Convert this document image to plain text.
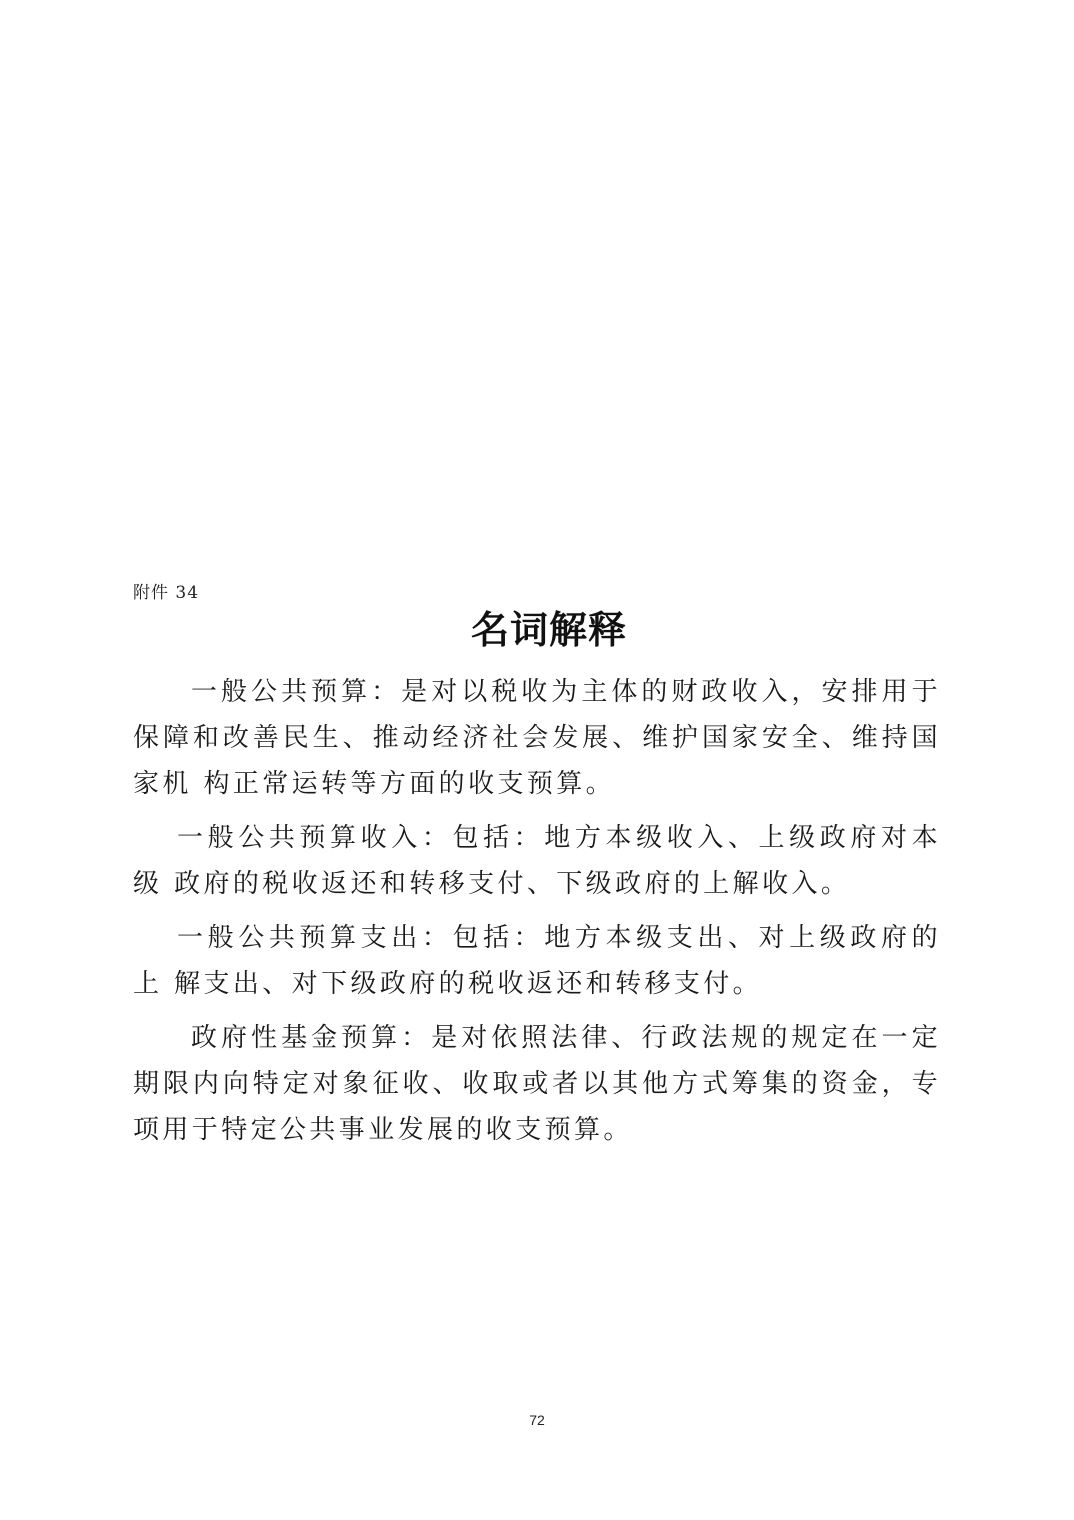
附件 34
名词解释

一般公共预算：是对以税收为主体的财政收入，安排用于保障和改善民生、推动经济社会发展、维护国家安全、维持国家机 构正常运转等方面的收支预算。

一般公共预算收入：包括：地方本级收入、上级政府对本级 政府的税收返还和转移支付、下级政府的上解收入。

一般公共预算支出：包括：地方本级支出、对上级政府的上 解支出、对下级政府的税收返还和转移支付。

政府性基金预算：是对依照法律、行政法规的规定在一定期限内向特定对象征收、收取或者以其他方式筹集的资金，专项用于特定公共事业发展的收支预算。

72
